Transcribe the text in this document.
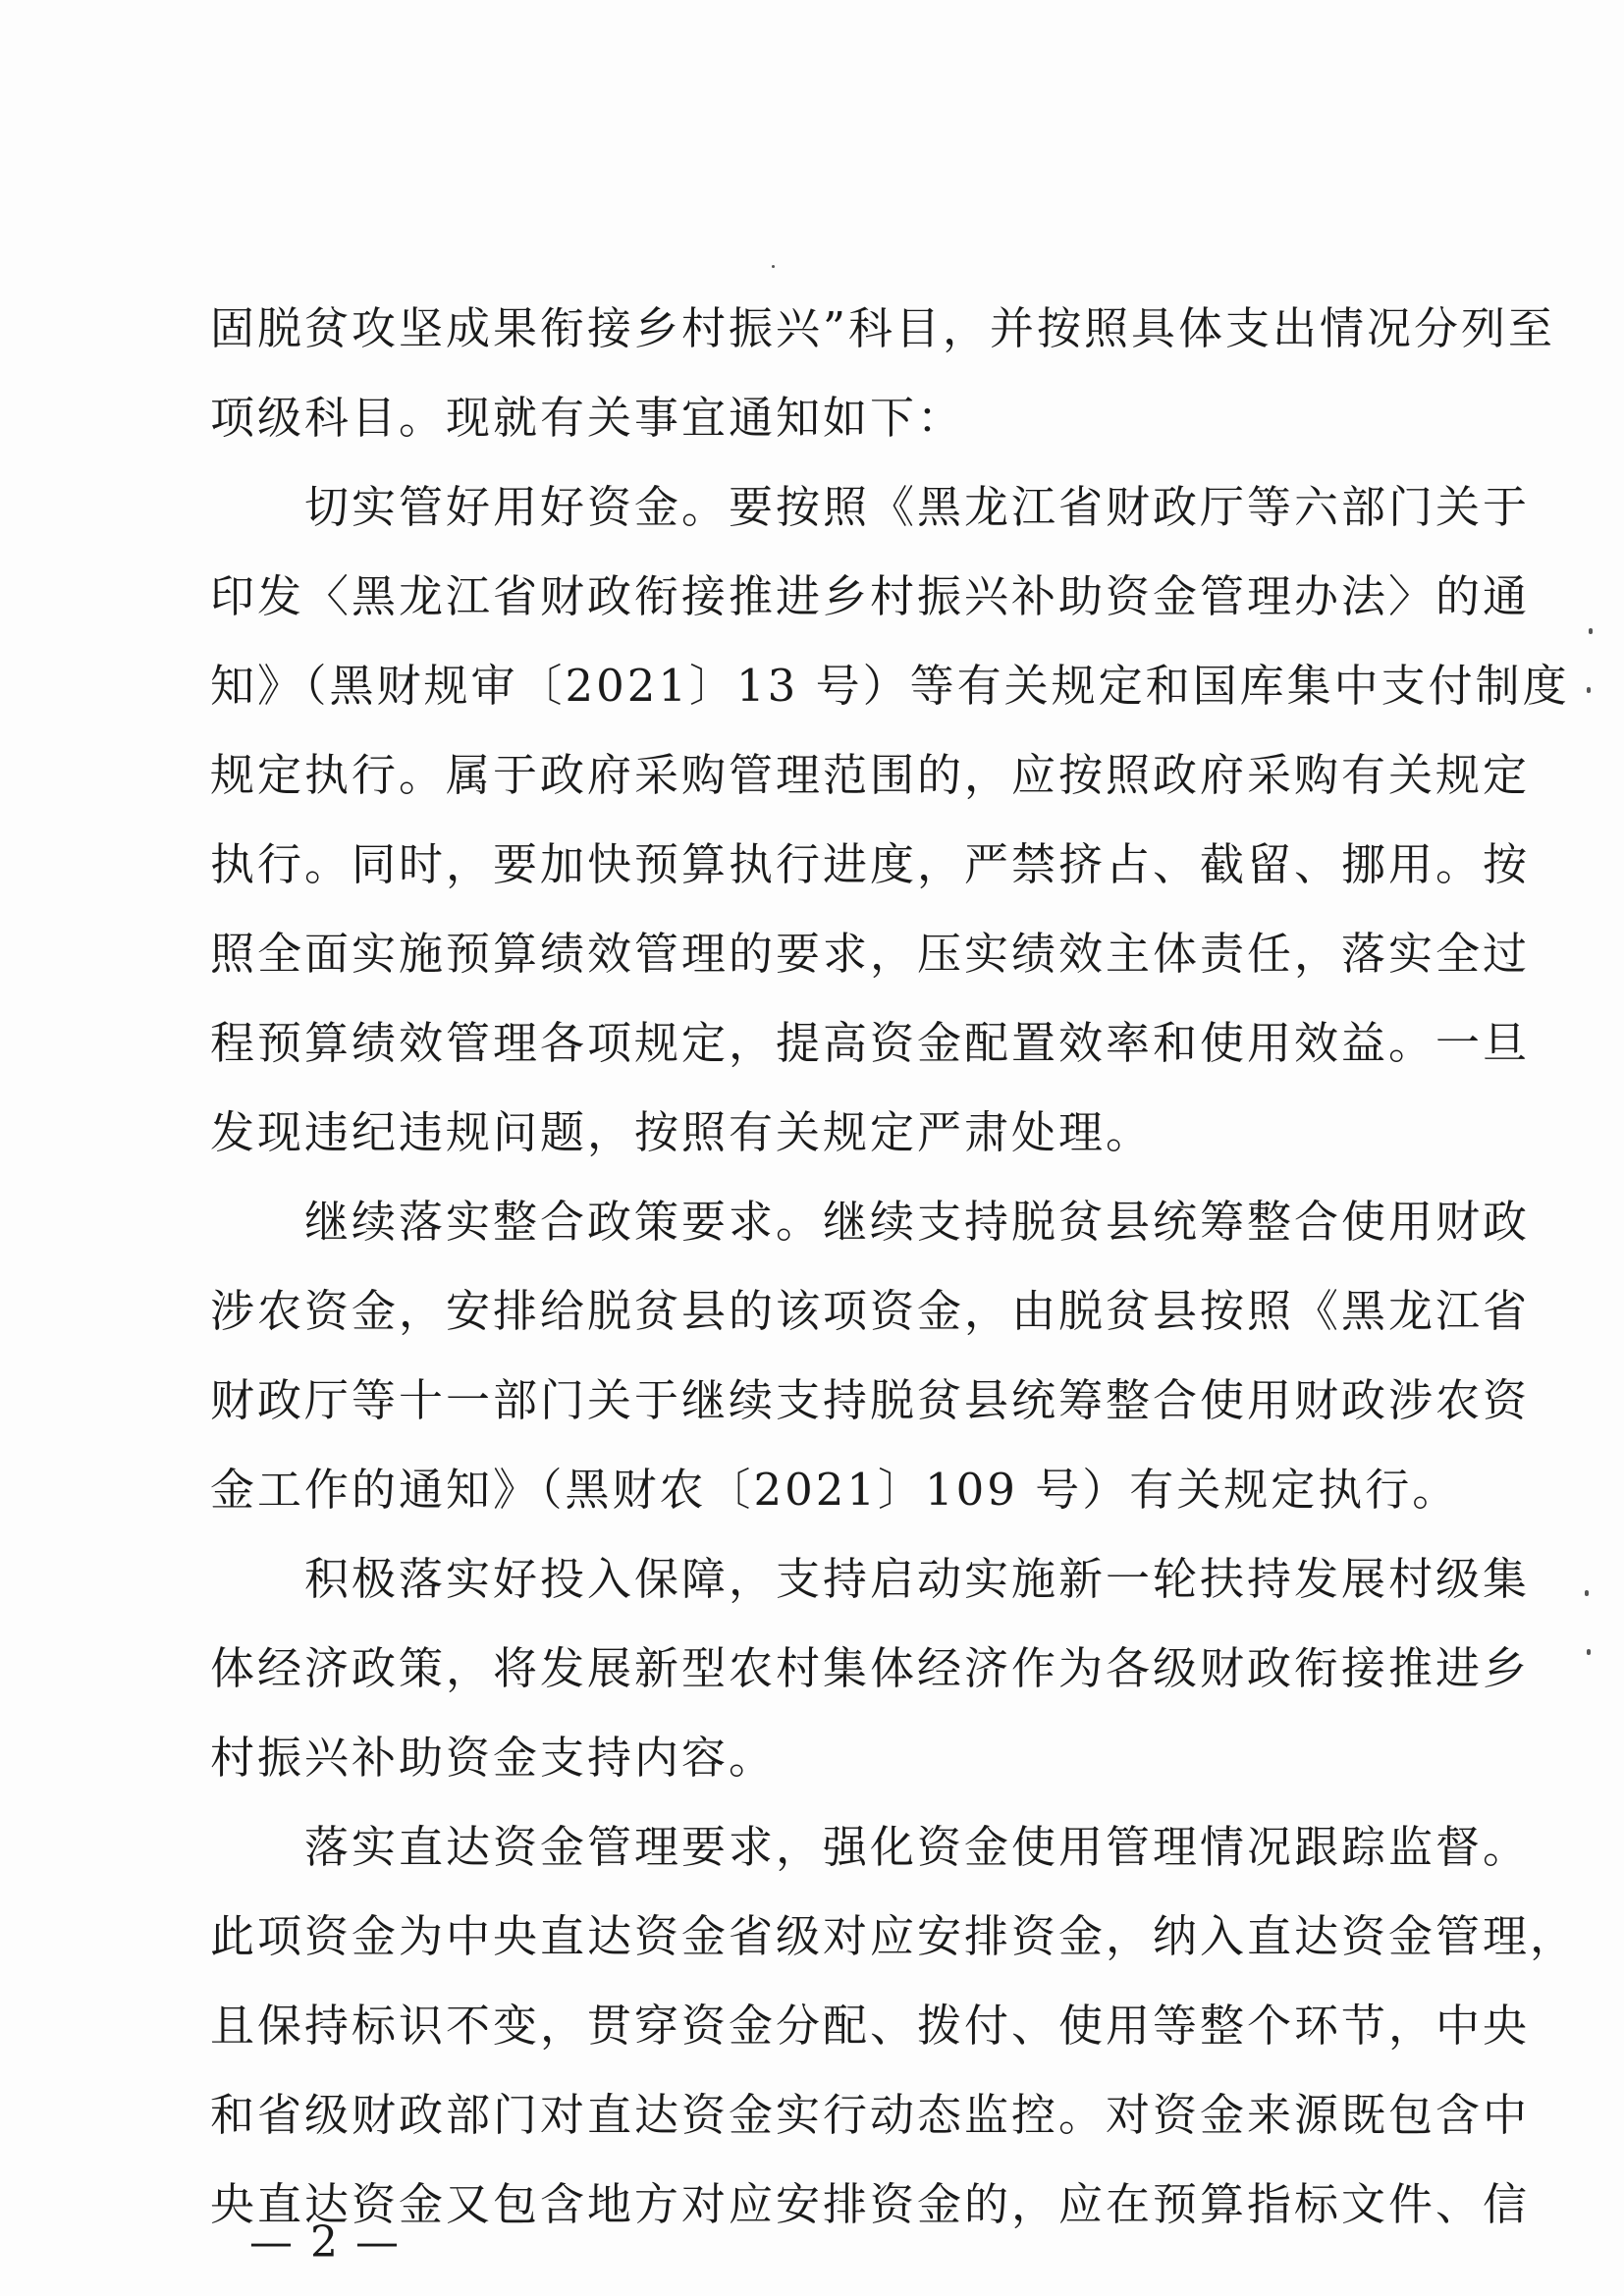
固脱贫攻坚成果衔接乡村振兴”科目，并按照具体支出情况分列至
项级科目。现就有关事宜通知如下：
　　切实管好用好资金。要按照《黑龙江省财政厅等六部门关于
印发〈黑龙江省财政衔接推进乡村振兴补助资金管理办法〉的通
知》（黑财规审〔2021〕13 号）等有关规定和国库集中支付制度
规定执行。属于政府采购管理范围的，应按照政府采购有关规定
执行。同时，要加快预算执行进度，严禁挤占、截留、挪用。按
照全面实施预算绩效管理的要求，压实绩效主体责任，落实全过
程预算绩效管理各项规定，提高资金配置效率和使用效益。一旦
发现违纪违规问题，按照有关规定严肃处理。
　　继续落实整合政策要求。继续支持脱贫县统筹整合使用财政
涉农资金，安排给脱贫县的该项资金，由脱贫县按照《黑龙江省
财政厅等十一部门关于继续支持脱贫县统筹整合使用财政涉农资
金工作的通知》（黑财农〔2021〕109 号）有关规定执行。
　　积极落实好投入保障，支持启动实施新一轮扶持发展村级集
体经济政策，将发展新型农村集体经济作为各级财政衔接推进乡
村振兴补助资金支持内容。
　　落实直达资金管理要求，强化资金使用管理情况跟踪监督。
此项资金为中央直达资金省级对应安排资金，纳入直达资金管理，
且保持标识不变，贯穿资金分配、拨付、使用等整个环节，中央
和省级财政部门对直达资金实行动态监控。对资金来源既包含中
央直达资金又包含地方对应安排资金的，应在预算指标文件、信
— 2 —
